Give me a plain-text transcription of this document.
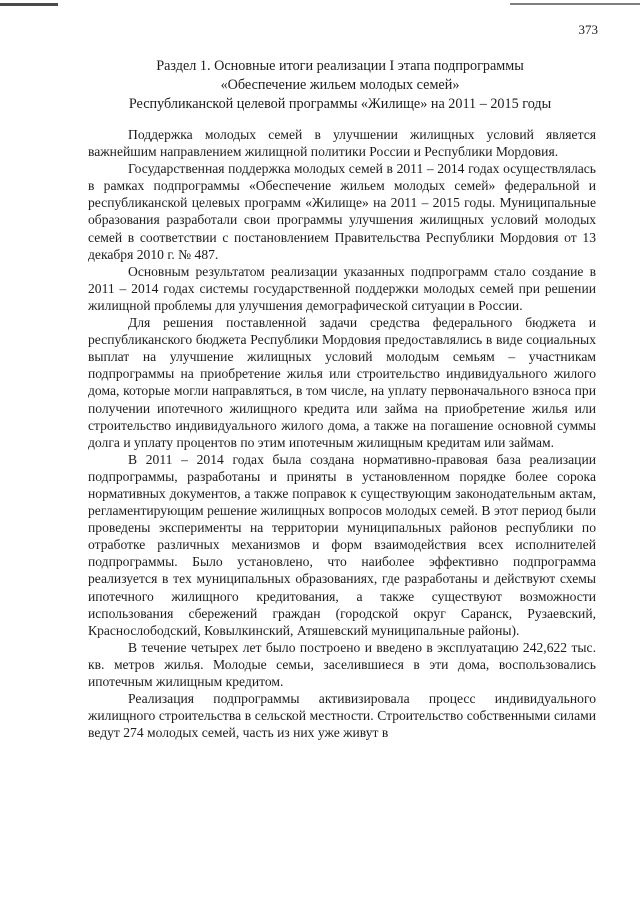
373
Раздел 1. Основные итоги реализации I этапа подпрограммы
«Обеспечение жильем молодых семей»
Республиканской целевой программы «Жилище» на 2011 – 2015 годы

Поддержка молодых семей в улучшении жилищных условий является важнейшим направлением жилищной политики России и Республики Мордовия.

Государственная поддержка молодых семей в 2011 – 2014 годах осуществлялась в рамках подпрограммы «Обеспечение жильем молодых семей» федеральной и республиканской целевых программ «Жилище» на 2011 – 2015 годы. Муниципальные образования разработали свои программы улучшения жилищных условий молодых семей в соответствии с постановлением Правительства Республики Мордовия от 13 декабря 2010 г. № 487.

Основным результатом реализации указанных подпрограмм стало создание в 2011 – 2014 годах системы государственной поддержки молодых семей при решении жилищной проблемы для улучшения демографической ситуации в России.

Для решения поставленной задачи средства федерального бюджета и республиканского бюджета Республики Мордовия предоставлялись в виде социальных выплат на улучшение жилищных условий молодым семьям – участникам подпрограммы на приобретение жилья или строительство индивидуального жилого дома, которые могли направляться, в том числе, на уплату первоначального взноса при получении ипотечного жилищного кредита или займа на приобретение жилья или строительство индивидуального жилого дома, а также на погашение основной суммы долга и уплату процентов по этим ипотечным жилищным кредитам или займам.

В 2011 – 2014 годах была создана нормативно-правовая база реализации подпрограммы, разработаны и приняты в установленном порядке более сорока нормативных документов, а также поправок к существующим законодательным актам, регламентирующим решение жилищных вопросов молодых семей. В этот период были проведены эксперименты на территории муниципальных районов республики по отработке различных механизмов и форм взаимодействия всех исполнителей подпрограммы. Было установлено, что наиболее эффективно подпрограмма реализуется в тех муниципальных образованиях, где разработаны и действуют схемы ипотечного жилищного кредитования, а также существуют возможности использования сбережений граждан (городской округ Саранск, Рузаевский, Краснослободский, Ковылкинский, Атяшевский муниципальные районы).

В течение четырех лет было построено и введено в эксплуатацию 242,622 тыс. кв. метров жилья. Молодые семьи, заселившиеся в эти дома, воспользовались ипотечным жилищным кредитом.

Реализация подпрограммы активизировала процесс индивидуального жилищного строительства в сельской местности. Строительство собственными силами ведут 274 молодых семей, часть из них уже живут в
